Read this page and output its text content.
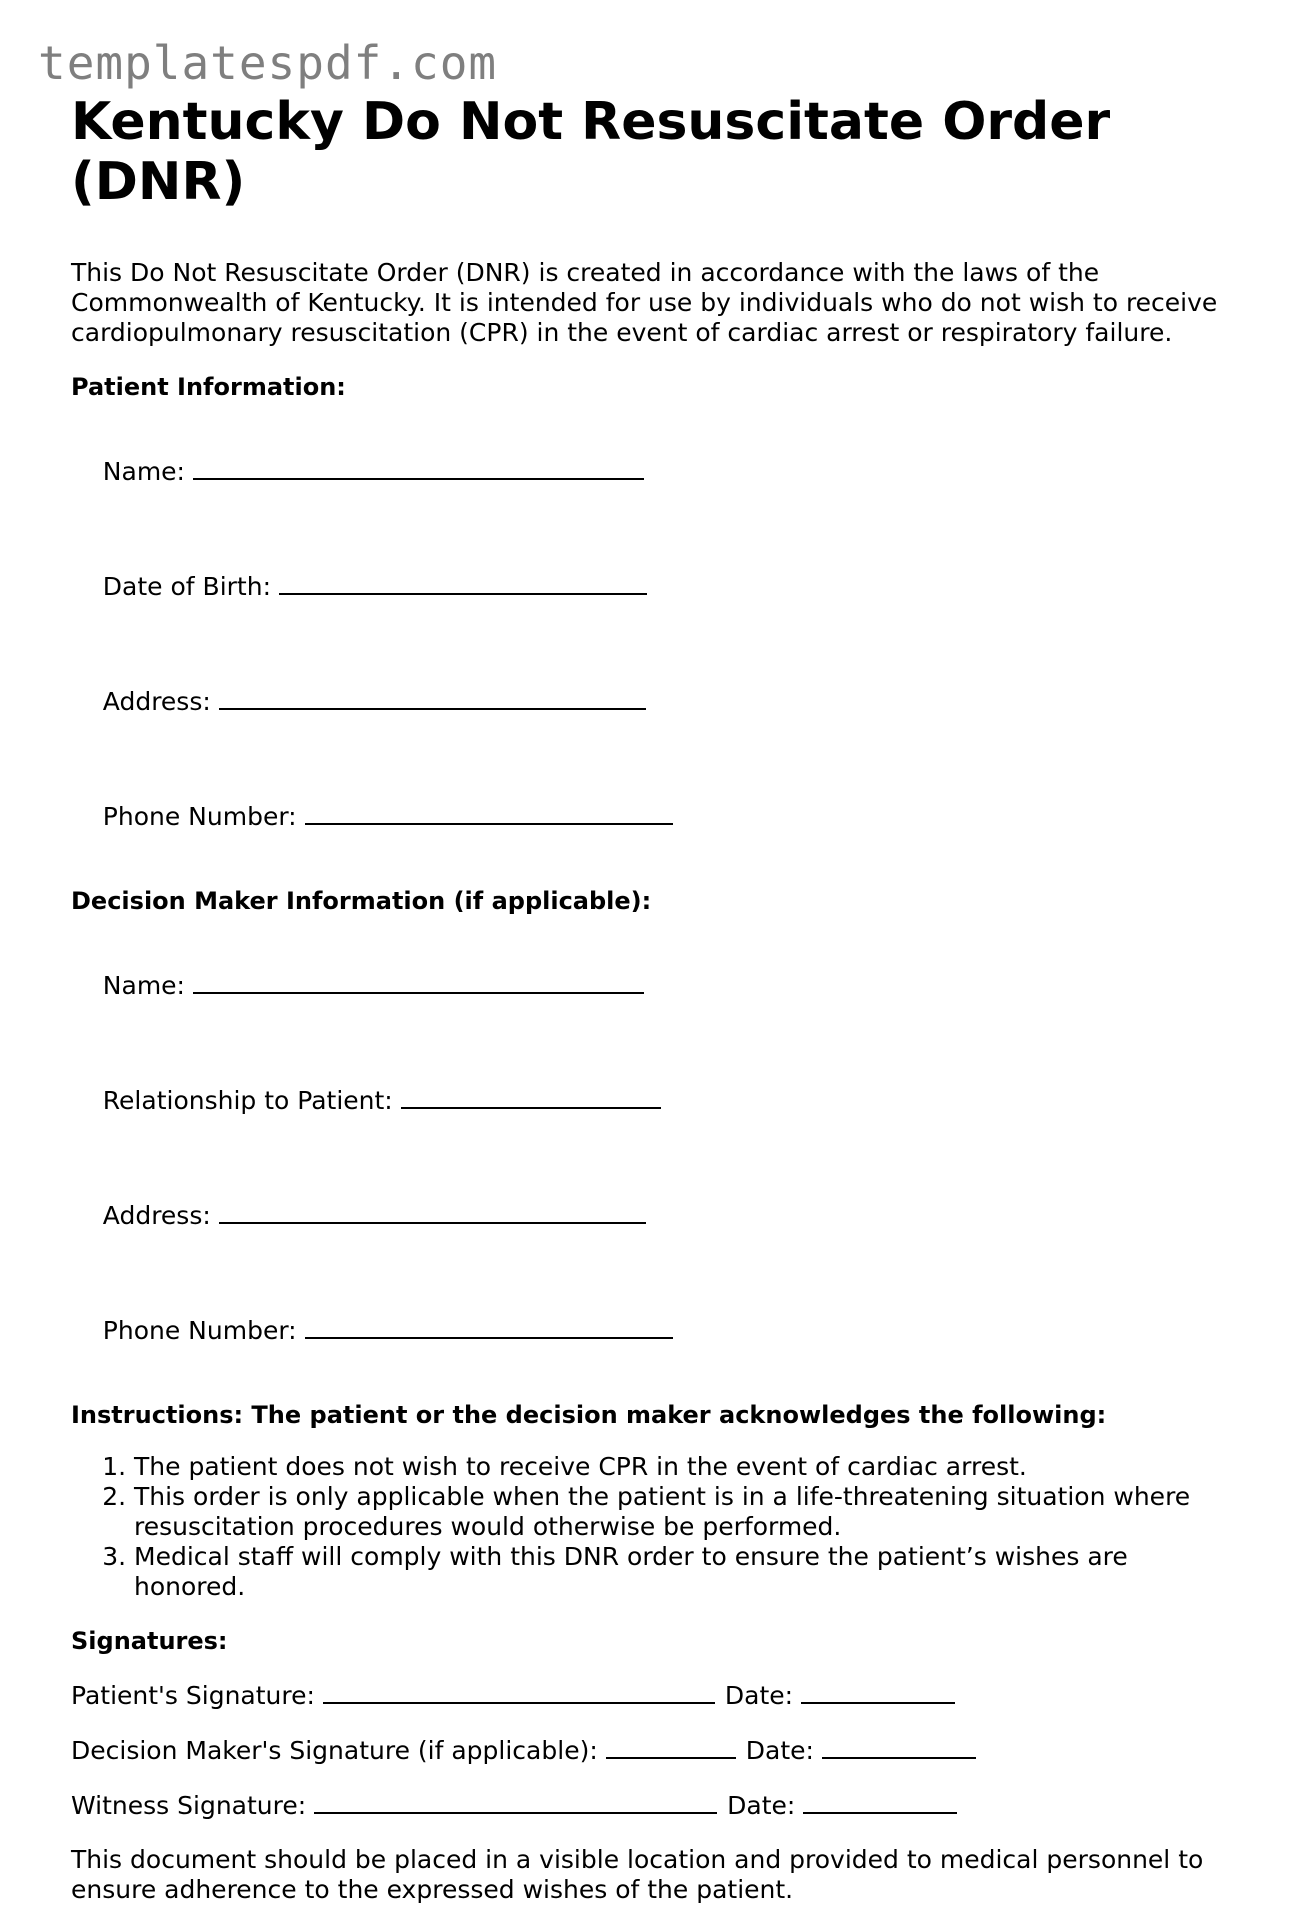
templatespdf.com
Kentucky Do Not Resuscitate Order (DNR)

This Do Not Resuscitate Order (DNR) is created in accordance with the laws of the Commonwealth of Kentucky. It is intended for use by individuals who do not wish to receive cardiopulmonary resuscitation (CPR) in the event of cardiac arrest or respiratory failure.

Patient Information:

Name:

Date of Birth:

Address:

Phone Number:

Decision Maker Information (if applicable):

Name:

Relationship to Patient:

Address:

Phone Number:

Instructions: The patient or the decision maker acknowledges the following:

1. The patient does not wish to receive CPR in the event of cardiac arrest.
2. This order is only applicable when the patient is in a life-threatening situation where resuscitation procedures would otherwise be performed.
3. Medical staff will comply with this DNR order to ensure the patient’s wishes are honored.

Signatures:

Patient's Signature:	Date:
Decision Maker's Signature (if applicable):	Date:
Witness Signature:	Date:

This document should be placed in a visible location and provided to medical personnel to ensure adherence to the expressed wishes of the patient.
